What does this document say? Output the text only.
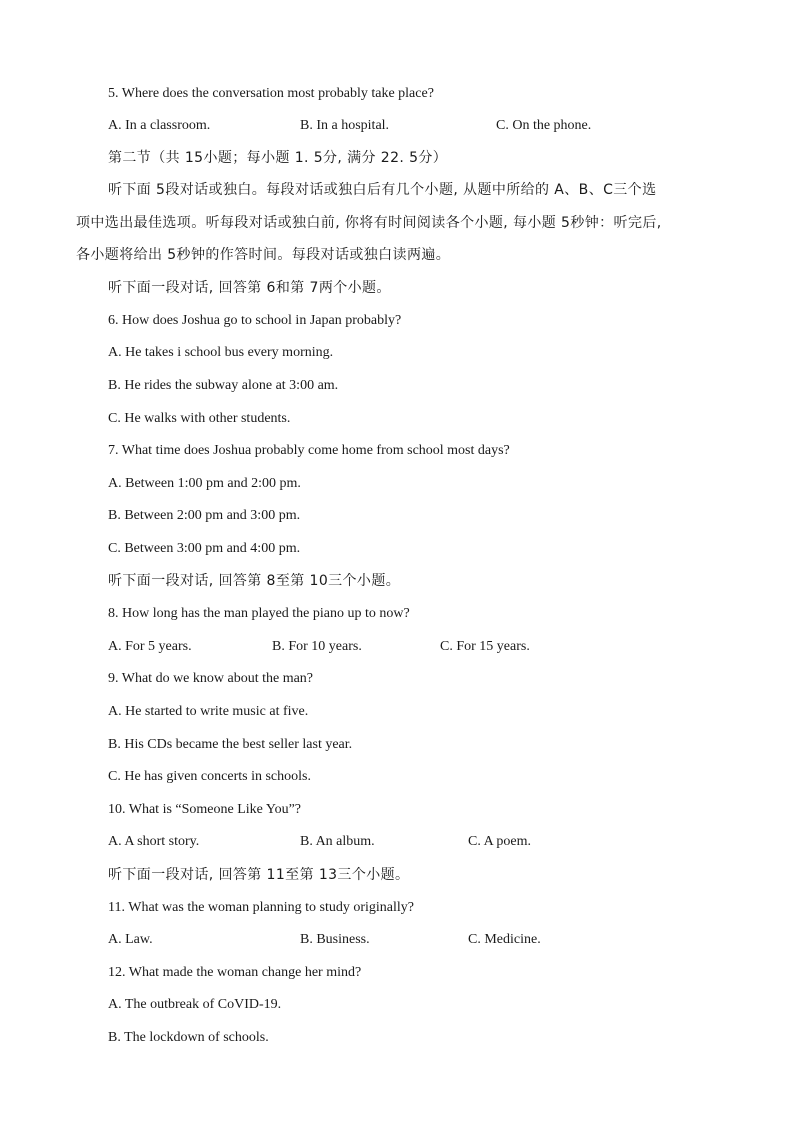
5. Where does the conversation most probably take place?
A. In a classroom.	B. In a hospital.	C. On the phone.
第二节（共 15小题；每小题 1. 5分, 满分 22. 5分）
听下面 5段对话或独白。每段对话或独白后有几个小题, 从题中所给的 A、B、C三个选
项中选出最佳选项。听每段对话或独白前, 你将有时间阅读各个小题, 每小题 5秒钟：听完后,
各小题将给出 5秒钟的作答时间。每段对话或独白读两遍。
听下面一段对话, 回答第 6和第 7两个小题。
6. How does Joshua go to school in Japan probably?
A. He takes i school bus every morning.
B. He rides the subway alone at 3:00 am.
C. He walks with other students.
7. What time does Joshua probably come home from school most days?
A. Between 1:00 pm and 2:00 pm.
B. Between 2:00 pm and 3:00 pm.
C. Between 3:00 pm and 4:00 pm.
听下面一段对话, 回答第 8至第 10三个小题。
8. How long has the man played the piano up to now?
A. For 5 years.	B. For 10 years.	C. For 15 years.
9. What do we know about the man?
A. He started to write music at five.
B. His CDs became the best seller last year.
C. He has given concerts in schools.
10. What is “Someone Like You”?
A. A short story.	B. An album.	C. A poem.
听下面一段对话, 回答第 11至第 13三个小题。
11. What was the woman planning to study originally?
A. Law.	B. Business.	C. Medicine.
12. What made the woman change her mind?
A. The outbreak of CoVID-19.
B. The lockdown of schools.
